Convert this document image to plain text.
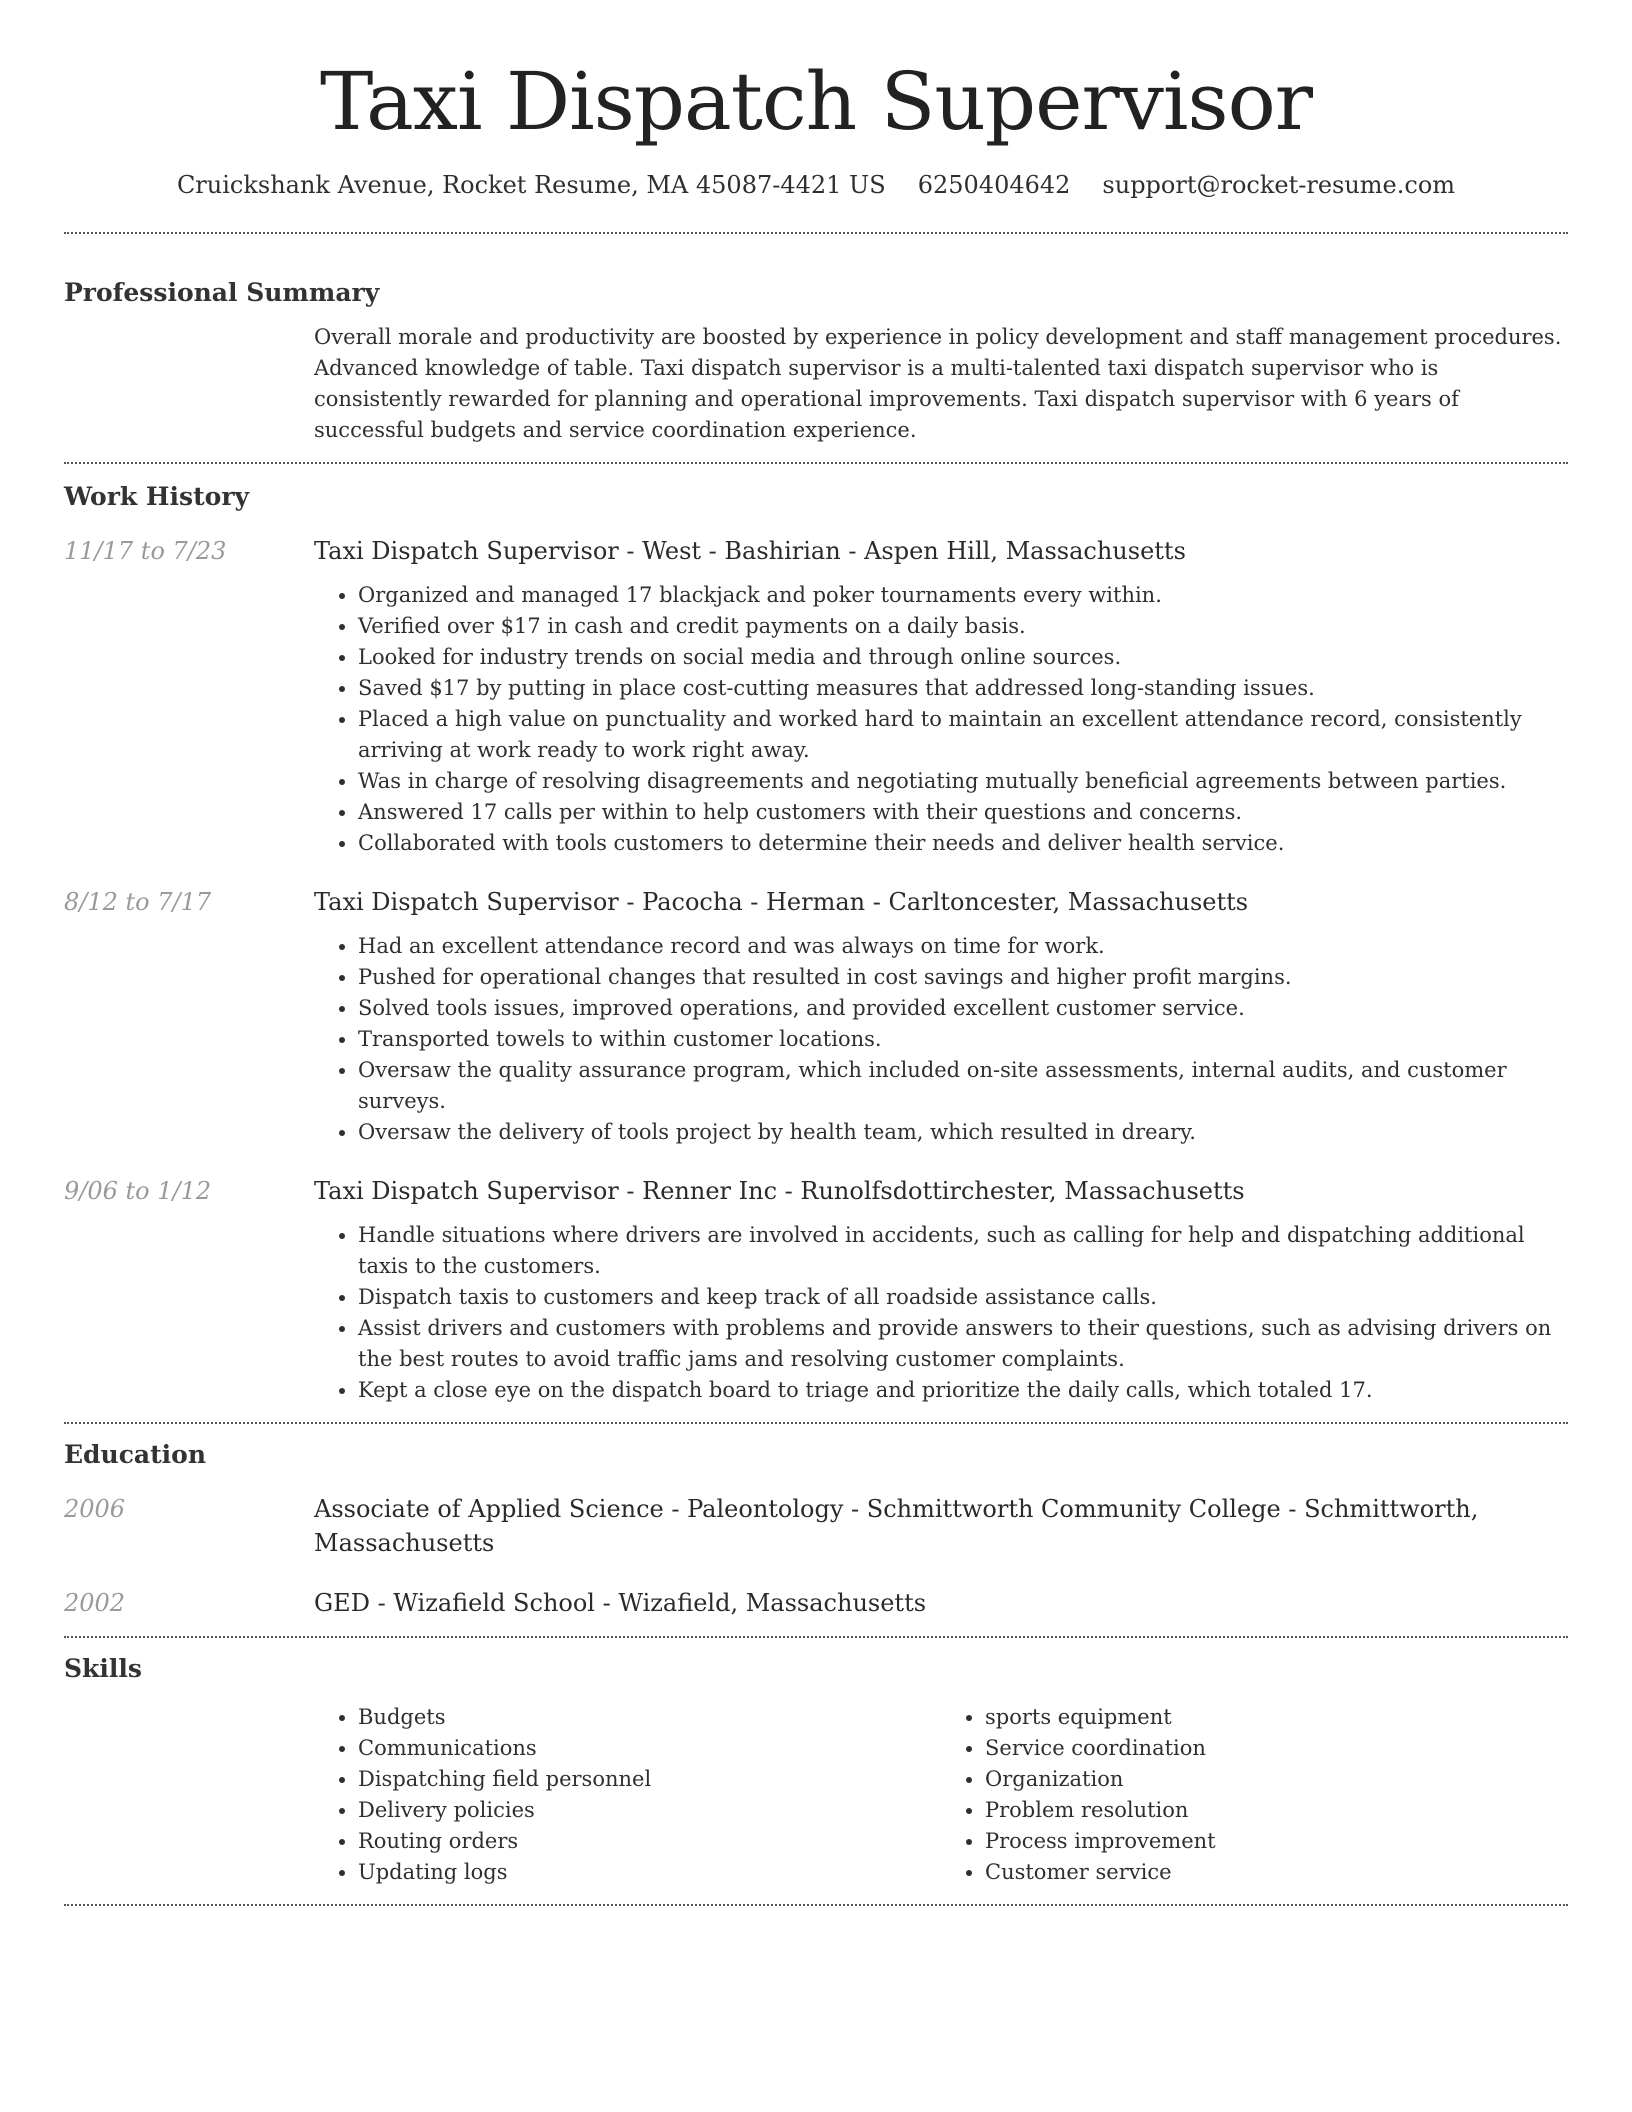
Taxi Dispatch Supervisor
Cruickshank Avenue, Rocket Resume, MA 45087-4421 US 6250404642 support@rocket-resume.com
Professional Summary
Overall morale and productivity are boosted by experience in policy development and staff management procedures. Advanced knowledge of table. Taxi dispatch supervisor is a multi-talented taxi dispatch supervisor who is consistently rewarded for planning and operational improvements. Taxi dispatch supervisor with 6 years of successful budgets and service coordination experience.
Work History
11/17 to 7/23	Taxi Dispatch Supervisor - West - Bashirian - Aspen Hill, Massachusetts
• Organized and managed 17 blackjack and poker tournaments every within.
• Verified over $17 in cash and credit payments on a daily basis.
• Looked for industry trends on social media and through online sources.
• Saved $17 by putting in place cost-cutting measures that addressed long-standing issues.
• Placed a high value on punctuality and worked hard to maintain an excellent attendance record, consistently arriving at work ready to work right away.
• Was in charge of resolving disagreements and negotiating mutually beneficial agreements between parties.
• Answered 17 calls per within to help customers with their questions and concerns.
• Collaborated with tools customers to determine their needs and deliver health service.
8/12 to 7/17	Taxi Dispatch Supervisor - Pacocha - Herman - Carltoncester, Massachusetts
• Had an excellent attendance record and was always on time for work.
• Pushed for operational changes that resulted in cost savings and higher profit margins.
• Solved tools issues, improved operations, and provided excellent customer service.
• Transported towels to within customer locations.
• Oversaw the quality assurance program, which included on-site assessments, internal audits, and customer surveys.
• Oversaw the delivery of tools project by health team, which resulted in dreary.
9/06 to 1/12	Taxi Dispatch Supervisor - Renner Inc - Runolfsdottirchester, Massachusetts
• Handle situations where drivers are involved in accidents, such as calling for help and dispatching additional taxis to the customers.
• Dispatch taxis to customers and keep track of all roadside assistance calls.
• Assist drivers and customers with problems and provide answers to their questions, such as advising drivers on the best routes to avoid traffic jams and resolving customer complaints.
• Kept a close eye on the dispatch board to triage and prioritize the daily calls, which totaled 17.
Education
2006	Associate of Applied Science - Paleontology - Schmittworth Community College - Schmittworth, Massachusetts
2002	GED - Wizafield School - Wizafield, Massachusetts
Skills
• Budgets
• Communications
• Dispatching field personnel
• Delivery policies
• Routing orders
• Updating logs
• sports equipment
• Service coordination
• Organization
• Problem resolution
• Process improvement
• Customer service
